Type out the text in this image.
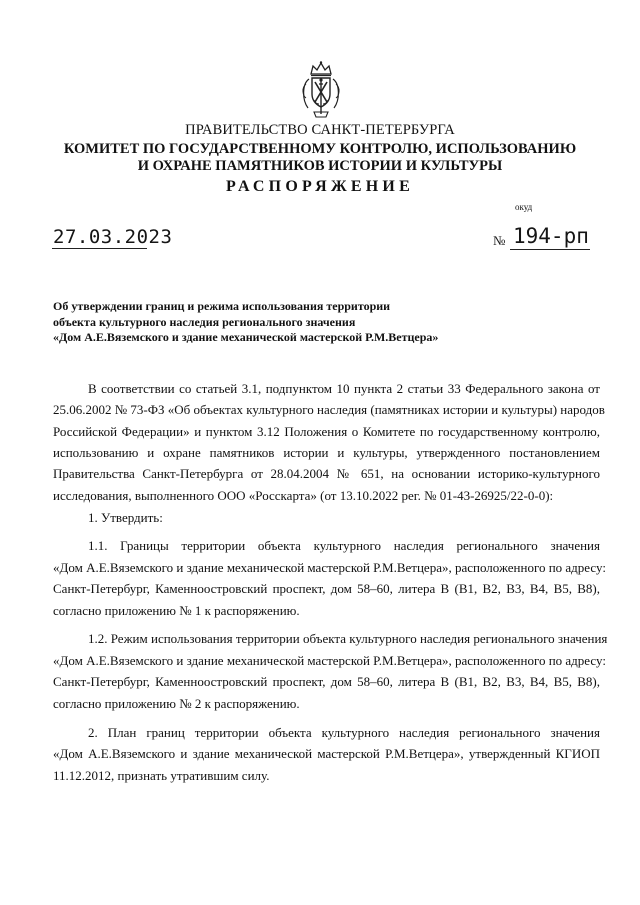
ПРАВИТЕЛЬСТВО САНКТ-ПЕТЕРБУРГА
КОМИТЕТ ПО ГОСУДАРСТВЕННОМУ КОНТРОЛЮ, ИСПОЛЬЗОВАНИЮ
И ОХРАНЕ ПАМЯТНИКОВ ИСТОРИИ И КУЛЬТУРЫ
РАСПОРЯЖЕНИЕ
окуд
27.03.2023	№ 194-рп
Об утверждении границ и режима использования территории
объекта культурного наследия регионального значения
«Дом А.Е.Вяземского и здание механической мастерской Р.М.Ветцера»
В соответствии со статьей 3.1, подпунктом 10 пункта 2 статьи 33 Федерального закона от
25.06.2002 № 73-ФЗ «Об объектах культурного наследия (памятниках истории и культуры) народов
Российской Федерации» и пунктом 3.12 Положения о Комитете по государственному контролю,
использованию и охране памятников истории и культуры, утвержденного постановлением
Правительства Санкт-Петербурга от 28.04.2004 № 651, на основании историко-культурного
исследования, выполненного ООО «Росскарта» (от 13.10.2022 рег. № 01-43-26925/22-0-0):
1. Утвердить:
1.1. Границы территории объекта культурного наследия регионального значения
«Дом А.Е.Вяземского и здание механической мастерской Р.М.Ветцера», расположенного по адресу:
Санкт-Петербург, Каменноостровский проспект, дом 58–60, литера В (В1, В2, В3, В4, В5, В8),
согласно приложению № 1 к распоряжению.
1.2. Режим использования территории объекта культурного наследия регионального значения
«Дом А.Е.Вяземского и здание механической мастерской Р.М.Ветцера», расположенного по адресу:
Санкт-Петербург, Каменноостровский проспект, дом 58–60, литера В (В1, В2, В3, В4, В5, В8),
согласно приложению № 2 к распоряжению.
2. План границ территории объекта культурного наследия регионального значения
«Дом А.Е.Вяземского и здание механической мастерской Р.М.Ветцера», утвержденный КГИОП
11.12.2012, признать утратившим силу.
